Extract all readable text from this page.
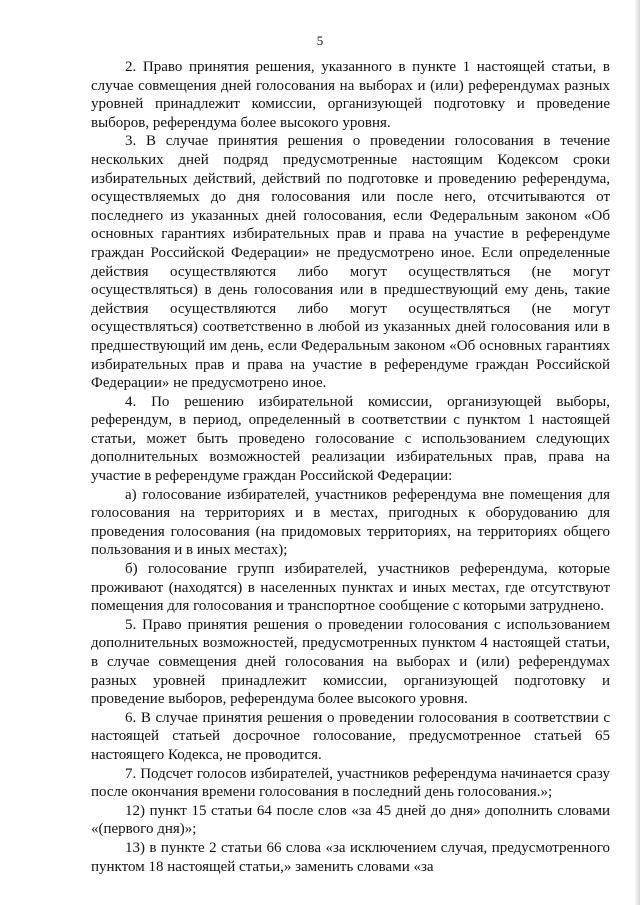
5

2. Право принятия решения, указанного в пункте 1 настоящей статьи, в случае совмещения дней голосования на выборах и (или) референдумах разных уровней принадлежит комиссии, организующей подготовку и проведение выборов, референдума более высокого уровня.

3. В случае принятия решения о проведении голосования в течение нескольких дней подряд предусмотренные настоящим Кодексом сроки избирательных действий, действий по подготовке и проведению референдума, осуществляемых до дня голосования или после него, отсчитываются от последнего из указанных дней голосования, если Федеральным законом «Об основных гарантиях избирательных прав и права на участие в референдуме граждан Российской Федерации» не предусмотрено иное. Если определенные действия осуществляются либо могут осуществляться (не могут осуществляться) в день голосования или в предшествующий ему день, такие действия осуществляются либо могут осуществляться (не могут осуществляться) соответственно в любой из указанных дней голосования или в предшествующий им день, если Федеральным законом «Об основных гарантиях избирательных прав и права на участие в референдуме граждан Российской Федерации» не предусмотрено иное.

4. По решению избирательной комиссии, организующей выборы, референдум, в период, определенный в соответствии с пунктом 1 настоящей статьи, может быть проведено голосование с использованием следующих дополнительных возможностей реализации избирательных прав, права на участие в референдуме граждан Российской Федерации:

а) голосование избирателей, участников референдума вне помещения для голосования на территориях и в местах, пригодных к оборудованию для проведения голосования (на придомовых территориях, на территориях общего пользования и в иных местах);

б) голосование групп избирателей, участников референдума, которые проживают (находятся) в населенных пунктах и иных местах, где отсутствуют помещения для голосования и транспортное сообщение с которыми затруднено.

5. Право принятия решения о проведении голосования с использованием дополнительных возможностей, предусмотренных пунктом 4 настоящей статьи, в случае совмещения дней голосования на выборах и (или) референдумах разных уровней принадлежит комиссии, организующей подготовку и проведение выборов, референдума более высокого уровня.

6. В случае принятия решения о проведении голосования в соответствии с настоящей статьей досрочное голосование, предусмотренное статьей 65 настоящего Кодекса, не проводится.

7. Подсчет голосов избирателей, участников референдума начинается сразу после окончания времени голосования в последний день голосования.»;

12) пункт 15 статьи 64 после слов «за 45 дней до дня» дополнить словами «(первого дня)»;

13) в пункте 2 статьи 66 слова «за исключением случая, предусмотренного пунктом 18 настоящей статьи,» заменить словами «за
